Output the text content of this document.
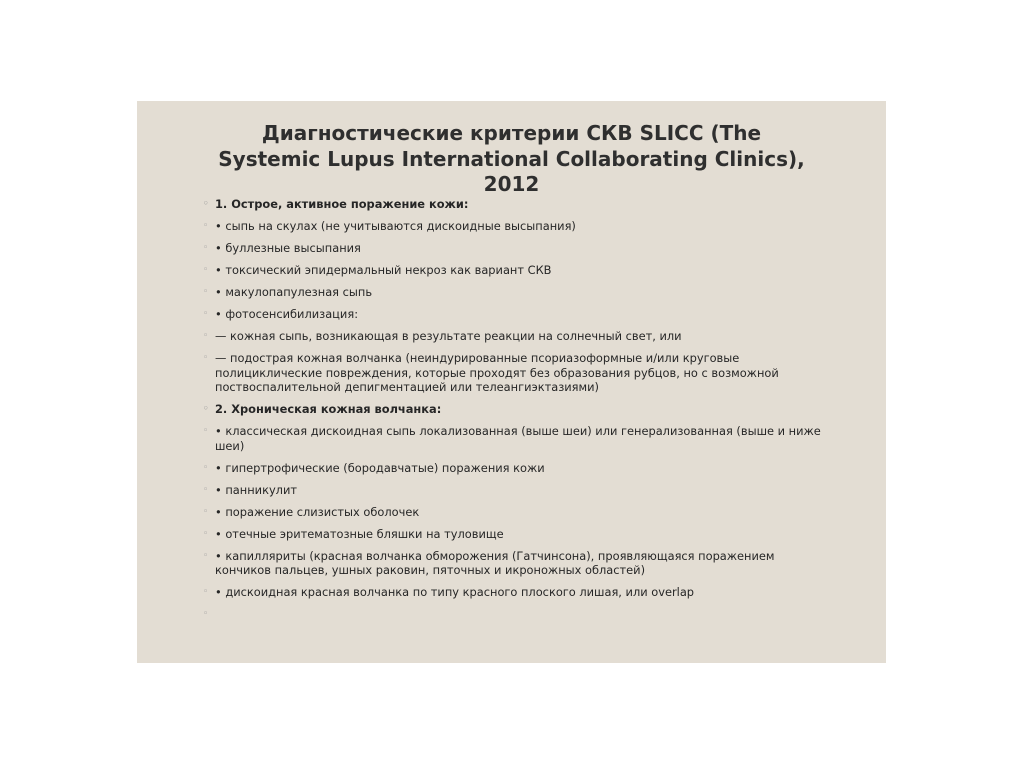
Диагностические критерии СКВ SLICC (The
Systemic Lupus International Collaborating Clinics),
2012
◦ 1. Острое, активное поражение кожи:
◦ • сыпь на скулах (не учитываются дискоидные высыпания)
◦ • буллезные высыпания
◦ • токсический эпидермальный некроз как вариант СКВ
◦ • макулопапулезная сыпь
◦ • фотосенсибилизация:
◦ — кожная сыпь, возникающая в результате реакции на солнечный свет, или
◦ — подострая кожная волчанка (неиндурированные псориазоформные и/или круговые полициклические повреждения, которые проходят без образования рубцов, но с возможной поствоспалительной депигментацией или телеангиэктазиями)
◦ 2. Хроническая кожная волчанка:
◦ • классическая дискоидная сыпь локализованная (выше шеи) или генерализованная (выше и ниже шеи)
◦ • гипертрофические (бородавчатые) поражения кожи
◦ • панникулит
◦ • поражение слизистых оболочек
◦ • отечные эритематозные бляшки на туловище
◦ • капилляриты (красная волчанка обморожения (Гатчинсона), проявляющаяся поражением кончиков пальцев, ушных раковин, пяточных и икроножных областей)
◦ • дискоидная красная волчанка по типу красного плоского лишая, или overlap
◦
